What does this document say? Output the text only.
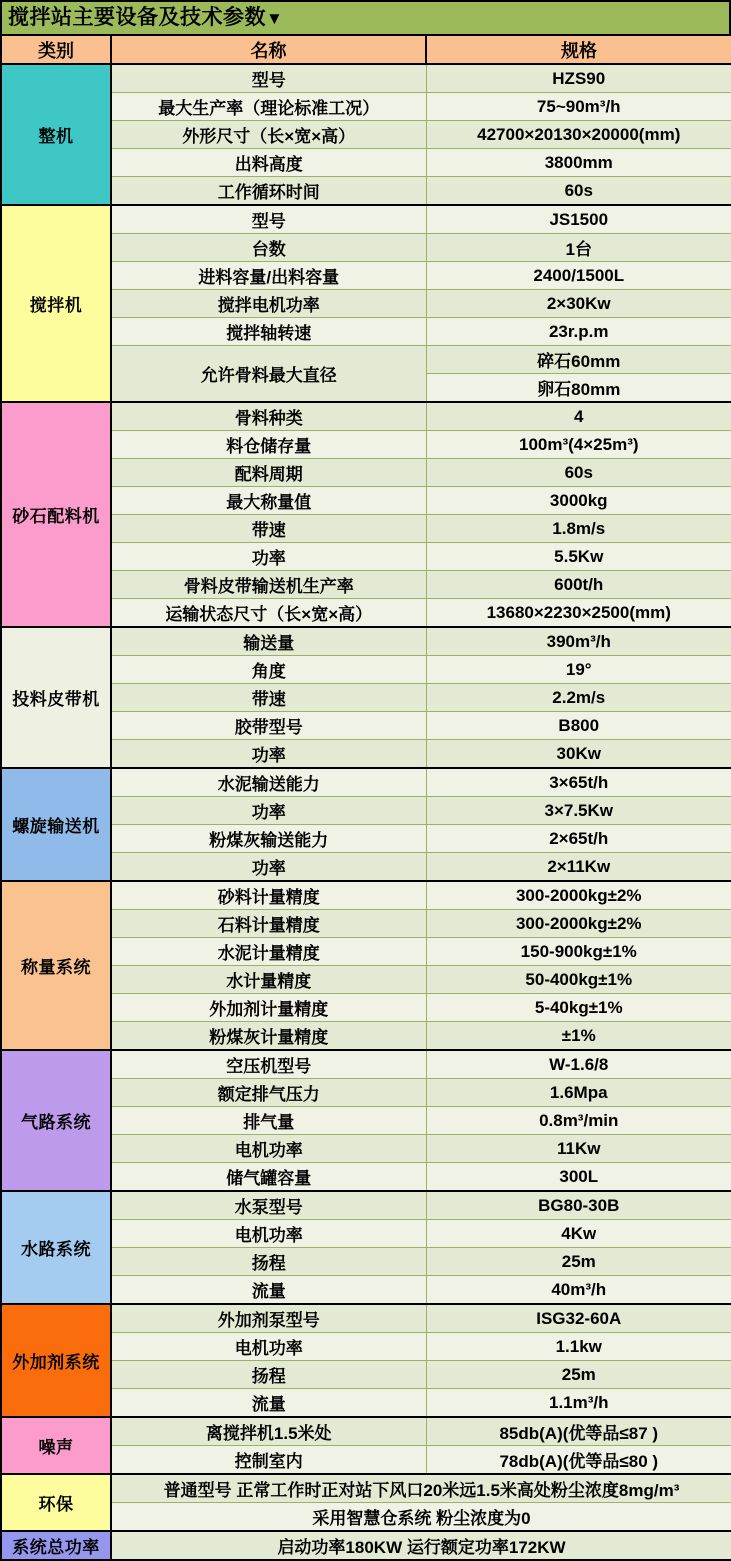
搅拌站主要设备及技术参数▼
类别	名称	规格
整机	型号	HZS90
	最大生产率（理论标准工况）	75~90m³/h
	外形尺寸（长×宽×高）	42700×20130×20000(mm)
	出料高度	3800mm
	工作循环时间	60s
搅拌机	型号	JS1500
	台数	1台
	进料容量/出料容量	2400/1500L
	搅拌电机功率	2×30Kw
	搅拌轴转速	23r.p.m
	允许骨料最大直径	碎石60mm
		卵石80mm
砂石配料机	骨料种类	4
	料仓储存量	100m³(4×25m³)
	配料周期	60s
	最大称量值	3000kg
	带速	1.8m/s
	功率	5.5Kw
	骨料皮带输送机生产率	600t/h
	运输状态尺寸（长×宽×高）	13680×2230×2500(mm)
投料皮带机	输送量	390m³/h
	角度	19°
	带速	2.2m/s
	胶带型号	B800
	功率	30Kw
螺旋输送机	水泥输送能力	3×65t/h
	功率	3×7.5Kw
	粉煤灰输送能力	2×65t/h
	功率	2×11Kw
称量系统	砂料计量精度	300-2000kg±2%
	石料计量精度	300-2000kg±2%
	水泥计量精度	150-900kg±1%
	水计量精度	50-400kg±1%
	外加剂计量精度	5-40kg±1%
	粉煤灰计量精度	±1%
气路系统	空压机型号	W-1.6/8
	额定排气压力	1.6Mpa
	排气量	0.8m³/min
	电机功率	11Kw
	储气罐容量	300L
水路系统	水泵型号	BG80-30B
	电机功率	4Kw
	扬程	25m
	流量	40m³/h
外加剂系统	外加剂泵型号	ISG32-60A
	电机功率	1.1kw
	扬程	25m
	流量	1.1m³/h
噪声	离搅拌机1.5米处	85db(A)(优等品≤87 )
	控制室内	78db(A)(优等品≤80 )
环保	普通型号 正常工作时正对站下风口20米远1.5米高处粉尘浓度8mg/m³	
	采用智慧仓系统 粉尘浓度为0	
系统总功率	启动功率180KW 运行额定功率172KW	
